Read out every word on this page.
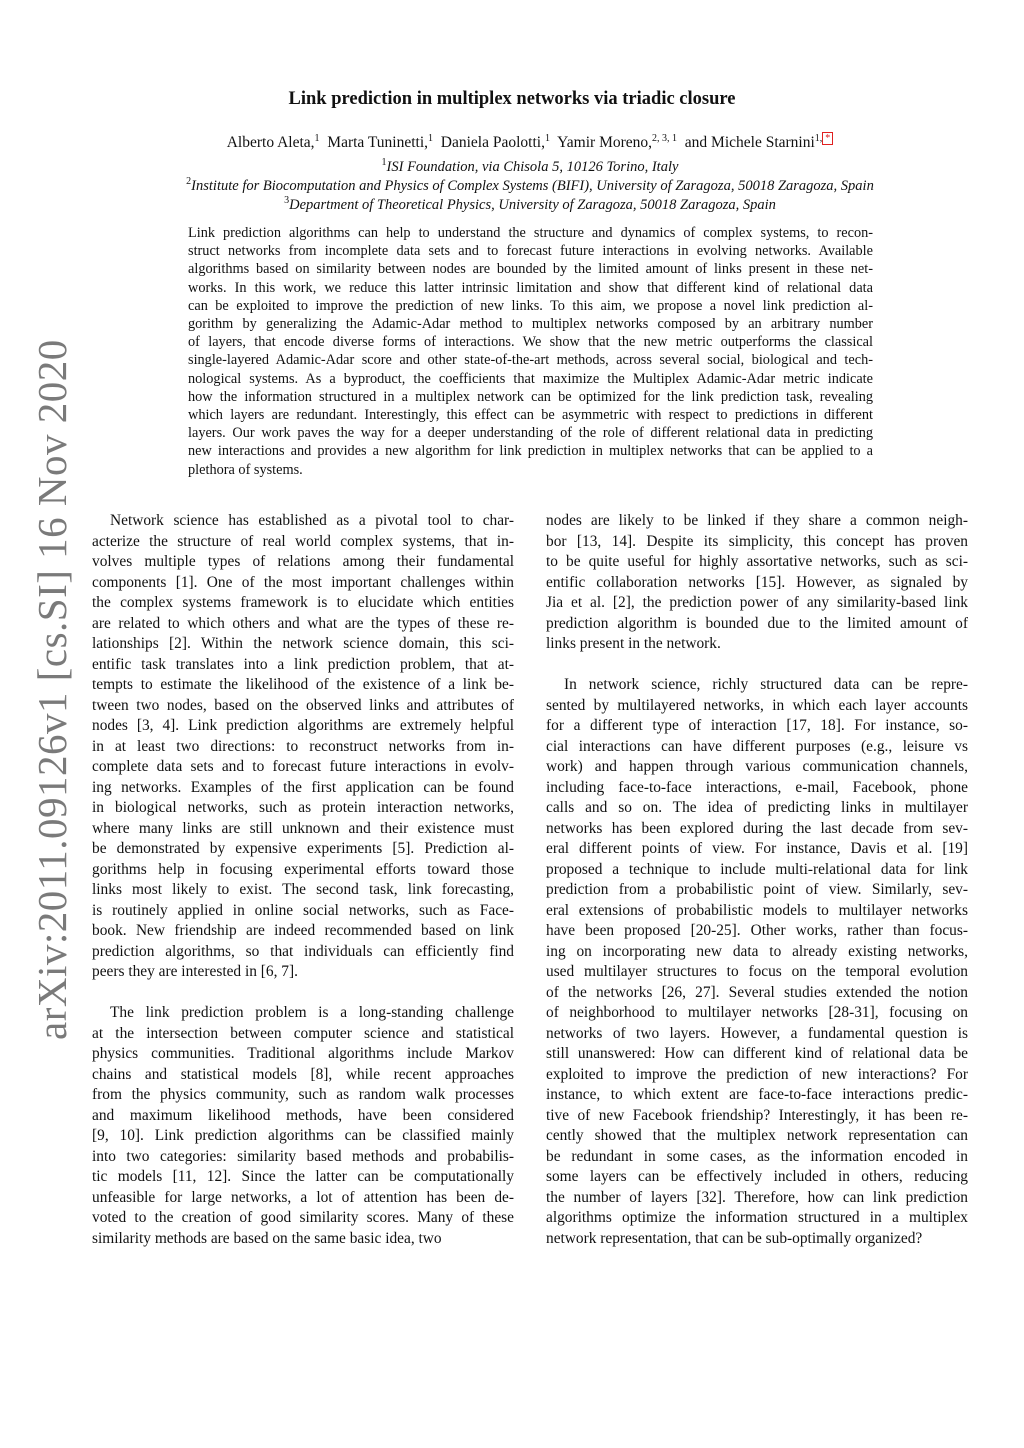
arXiv:2011.09126v1 [cs.SI] 16 Nov 2020
Link prediction in multiplex networks via triadic closure
Alberto Aleta,$^1$ Marta Tuninetti,$^1$ Daniela Paolotti,$^1$ Yamir Moreno,$^{2, 3, 1}$ and Michele Starnini$^{1,}$ *
$^1$ISI Foundation, via Chisola 5, 10126 Torino, Italy
$^2$Institute for Biocomputation and Physics of Complex Systems (BIFI), University of Zaragoza, 50018 Zaragoza, Spain
$^3$Department of Theoretical Physics, University of Zaragoza, 50018 Zaragoza, Spain
Link prediction algorithms can help to understand the structure and dynamics of complex systems, to recon-
struct networks from incomplete data sets and to forecast future interactions in evolving networks. Available
algorithms based on similarity between nodes are bounded by the limited amount of links present in these net-
works. In this work, we reduce this latter intrinsic limitation and show that different kind of relational data
can be exploited to improve the prediction of new links. To this aim, we propose a novel link prediction al-
gorithm by generalizing the Adamic-Adar method to multiplex networks composed by an arbitrary number
of layers, that encode diverse forms of interactions. We show that the new metric outperforms the classical
single-layered Adamic-Adar score and other state-of-the-art methods, across several social, biological and tech-
nological systems. As a byproduct, the coefficients that maximize the Multiplex Adamic-Adar metric indicate
how the information structured in a multiplex network can be optimized for the link prediction task, revealing
which layers are redundant. Interestingly, this effect can be asymmetric with respect to predictions in different
layers. Our work paves the way for a deeper understanding of the role of different relational data in predicting
new interactions and provides a new algorithm for link prediction in multiplex networks that can be applied to a
plethora of systems.
Network science has established as a pivotal tool to char-
acterize the structure of real world complex systems, that in-
volves multiple types of relations among their fundamental
components [1]. One of the most important challenges within
the complex systems framework is to elucidate which entities
are related to which others and what are the types of these re-
lationships [2]. Within the network science domain, this sci-
entific task translates into a link prediction problem, that at-
tempts to estimate the likelihood of the existence of a link be-
tween two nodes, based on the observed links and attributes of
nodes [3, 4]. Link prediction algorithms are extremely helpful
in at least two directions: to reconstruct networks from in-
complete data sets and to forecast future interactions in evolv-
ing networks. Examples of the first application can be found
in biological networks, such as protein interaction networks,
where many links are still unknown and their existence must
be demonstrated by expensive experiments [5]. Prediction al-
gorithms help in focusing experimental efforts toward those
links most likely to exist. The second task, link forecasting,
is routinely applied in online social networks, such as Face-
book. New friendship are indeed recommended based on link
prediction algorithms, so that individuals can efficiently find
peers they are interested in [6, 7].
The link prediction problem is a long-standing challenge
at the intersection between computer science and statistical
physics communities. Traditional algorithms include Markov
chains and statistical models [8], while recent approaches
from the physics community, such as random walk processes
and maximum likelihood methods, have been considered
[9, 10]. Link prediction algorithms can be classified mainly
into two categories: similarity based methods and probabilis-
tic models [11, 12]. Since the latter can be computationally
unfeasible for large networks, a lot of attention has been de-
voted to the creation of good similarity scores. Many of these
similarity methods are based on the same basic idea, two
nodes are likely to be linked if they share a common neigh-
bor [13, 14]. Despite its simplicity, this concept has proven
to be quite useful for highly assortative networks, such as sci-
entific collaboration networks [15]. However, as signaled by
Jia et al. [2], the prediction power of any similarity-based link
prediction algorithm is bounded due to the limited amount of
links present in the network.
In network science, richly structured data can be repre-
sented by multilayered networks, in which each layer accounts
for a different type of interaction [17, 18]. For instance, so-
cial interactions can have different purposes (e.g., leisure vs
work) and happen through various communication channels,
including face-to-face interactions, e-mail, Facebook, phone
calls and so on. The idea of predicting links in multilayer
networks has been explored during the last decade from sev-
eral different points of view. For instance, Davis et al. [19]
proposed a technique to include multi-relational data for link
prediction from a probabilistic point of view. Similarly, sev-
eral extensions of probabilistic models to multilayer networks
have been proposed [20-25]. Other works, rather than focus-
ing on incorporating new data to already existing networks,
used multilayer structures to focus on the temporal evolution
of the networks [26, 27]. Several studies extended the notion
of neighborhood to multilayer networks [28-31], focusing on
networks of two layers. However, a fundamental question is
still unanswered: How can different kind of relational data be
exploited to improve the prediction of new interactions? For
instance, to which extent are face-to-face interactions predic-
tive of new Facebook friendship? Interestingly, it has been re-
cently showed that the multiplex network representation can
be redundant in some cases, as the information encoded in
some layers can be effectively included in others, reducing
the number of layers [32]. Therefore, how can link prediction
algorithms optimize the information structured in a multiplex
network representation, that can be sub-optimally organized?
